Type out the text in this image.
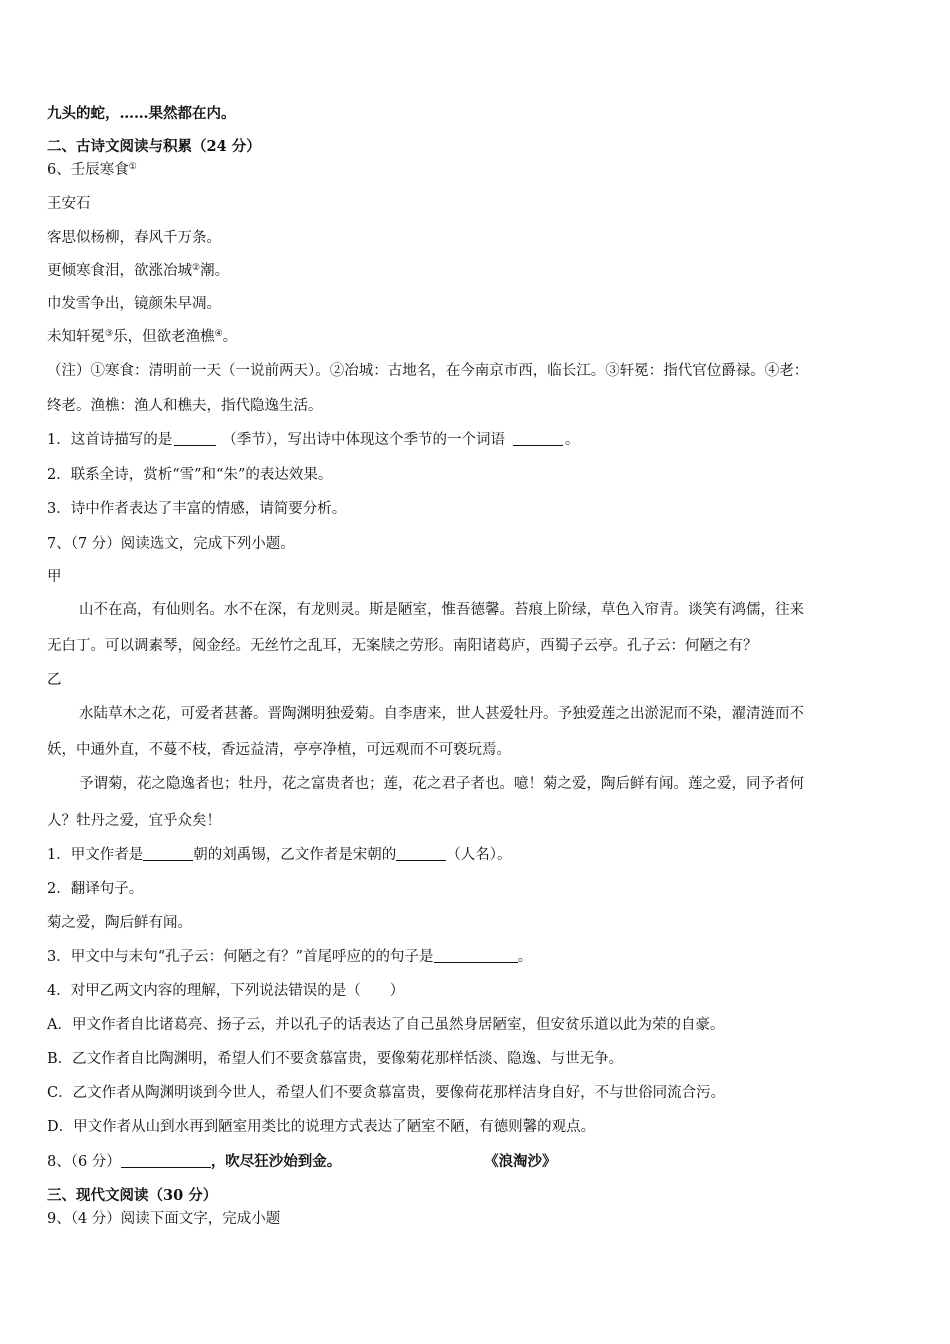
九头的蛇，……果然都在内。
二、古诗文阅读与积累（24 分）
6、壬辰寒食①
王安石
客思似杨柳，春风千万条。
更倾寒食泪，欲涨冶城②潮。
巾发雪争出，镜颜朱早凋。
未知轩冕③乐，但欲老渔樵④。
（注）①寒食：清明前一天（一说前两天）。②冶城：古地名，在今南京市西，临长江。③轩冕：指代官位爵禄。④老：
终老。渔樵：渔人和樵夫，指代隐逸生活。
1．这首诗描写的是	（季节），写出诗中体现这个季节的一个词语	。
2．联系全诗，赏析“雪”和“朱”的表达效果。
3．诗中作者表达了丰富的情感，请简要分析。
7、（7 分）阅读选文，完成下列小题。
甲
山不在高，有仙则名。水不在深，有龙则灵。斯是陋室，惟吾德馨。苔痕上阶绿，草色入帘青。谈笑有鸿儒，往来
无白丁。可以调素琴，阅金经。无丝竹之乱耳，无案牍之劳形。南阳诸葛庐，西蜀子云亭。孔子云：何陋之有？
乙
水陆草木之花，可爱者甚蕃。晋陶渊明独爱菊。自李唐来，世人甚爱牡丹。予独爱莲之出淤泥而不染，濯清涟而不
妖，中通外直，不蔓不枝，香远益清，亭亭净植，可远观而不可亵玩焉。
予谓菊，花之隐逸者也；牡丹，花之富贵者也；莲，花之君子者也。噫！菊之爱，陶后鲜有闻。莲之爱，同予者何
人？牡丹之爱，宜乎众矣！
1．甲文作者是	朝的刘禹锡，乙文作者是宋朝的	（人名）。
2．翻译句子。
菊之爱，陶后鲜有闻。
3．甲文中与末句“孔子云：何陋之有？”首尾呼应的的句子是	。
4．对甲乙两文内容的理解，下列说法错误的是（　　）
A．甲文作者自比诸葛亮、扬子云，并以孔子的话表达了自己虽然身居陋室，但安贫乐道以此为荣的自豪。
B．乙文作者自比陶渊明，希望人们不要贪慕富贵，要像菊花那样恬淡、隐逸、与世无争。
C．乙文作者从陶渊明谈到今世人，希望人们不要贪慕富贵，要像荷花那样洁身自好，不与世俗同流合污。
D．甲文作者从山到水再到陋室用类比的说理方式表达了陋室不陋，有德则馨的观点。
8、（6 分）	，吹尽狂沙始到金。	《浪淘沙》
三、现代文阅读（30 分）
9、（4 分）阅读下面文字，完成小题
